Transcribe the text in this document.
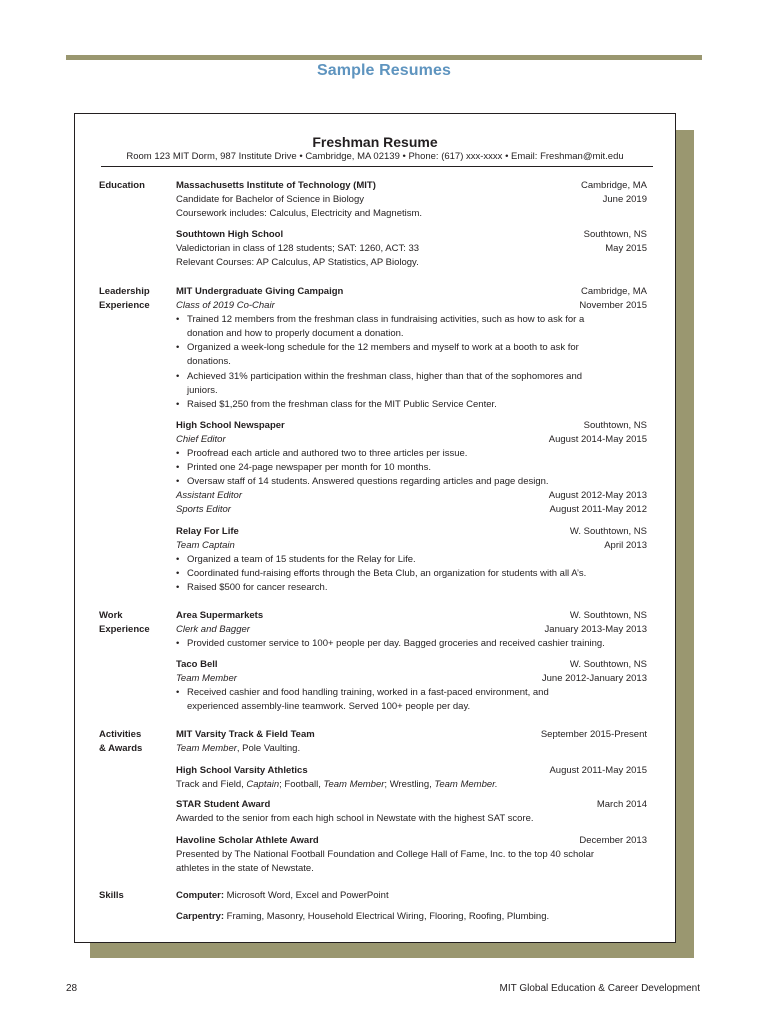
Sample Resumes
Freshman Resume
Room 123 MIT Dorm, 987 Institute Drive • Cambridge, MA 02139 • Phone: (617) xxx-xxxx • Email: Freshman@mit.edu
Education	Massachusetts Institute of Technology (MIT)	Cambridge, MA
Candidate for Bachelor of Science in Biology	June 2019
Coursework includes: Calculus, Electricity and Magnetism.
Southtown High School	Southtown, NS
Valedictorian in class of 128 students; SAT: 1260, ACT: 33	May 2015
Relevant Courses: AP Calculus, AP Statistics, AP Biology.
Leadership
Experience
MIT Undergraduate Giving Campaign	Cambridge, MA
Class of 2019 Co-Chair	November 2015
• Trained 12 members from the freshman class in fundraising activities, such as how to ask for a
donation and how to properly document a donation.
• Organized a week-long schedule for the 12 members and myself to work at a booth to ask for
donations.
• Achieved 31% participation within the freshman class, higher than that of the sophomores and
juniors.
• Raised $1,250 from the freshman class for the MIT Public Service Center.
High School Newspaper	Southtown, NS
Chief Editor	August 2014-May 2015
• Proofread each article and authored two to three articles per issue.
• Printed one 24-page newspaper per month for 10 months.
• Oversaw staff of 14 students. Answered questions regarding articles and page design.
Assistant Editor	August 2012-May 2013
Sports Editor	August 2011-May 2012
Relay For Life	W. Southtown, NS
Team Captain	April 2013
• Organized a team of 15 students for the Relay for Life.
• Coordinated fund-raising efforts through the Beta Club, an organization for students with all A’s.
• Raised $500 for cancer research.
Work
Experience
Area Supermarkets	W. Southtown, NS
Clerk and Bagger	January 2013-May 2013
• Provided customer service to 100+ people per day. Bagged groceries and received cashier training.
Taco Bell	W. Southtown, NS
Team Member	June 2012-January 2013
• Received cashier and food handling training, worked in a fast-paced environment, and
experienced assembly-line teamwork. Served 100+ people per day.
Activities
& Awards
MIT Varsity Track & Field Team	September 2015-Present
Team Member, Pole Vaulting.
High School Varsity Athletics	August 2011-May 2015
Track and Field, Captain; Football, Team Member; Wrestling, Team Member.
STAR Student Award	March 2014
Awarded to the senior from each high school in Newstate with the highest SAT score.
Havoline Scholar Athlete Award	December 2013
Presented by The National Football Foundation and College Hall of Fame, Inc. to the top 40 scholar
athletes in the state of Newstate.
Skills	Computer: Microsoft Word, Excel and PowerPoint
Carpentry: Framing, Masonry, Household Electrical Wiring, Flooring, Roofing, Plumbing.
28	MIT Global Education & Career Development
